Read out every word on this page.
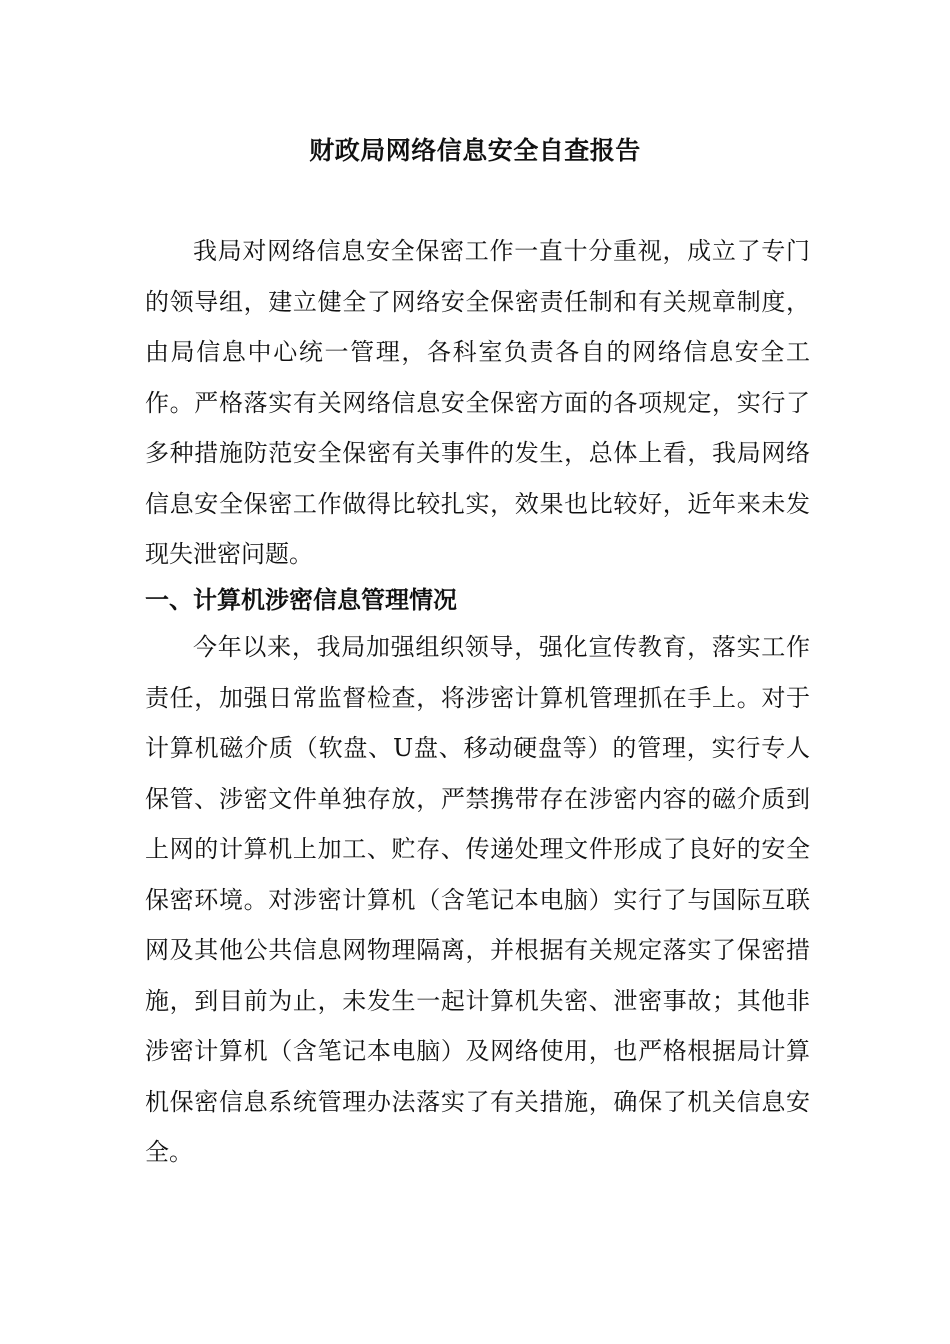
财政局网络信息安全自查报告

我局对网络信息安全保密工作一直十分重视，成立了专门的领导组，建立健全了网络安全保密责任制和有关规章制度，由局信息中心统一管理，各科室负责各自的网络信息安全工作。严格落实有关网络信息安全保密方面的各项规定，实行了多种措施防范安全保密有关事件的发生，总体上看，我局网络信息安全保密工作做得比较扎实，效果也比较好，近年来未发现失泄密问题。

一、计算机涉密信息管理情况

今年以来，我局加强组织领导，强化宣传教育，落实工作责任，加强日常监督检查，将涉密计算机管理抓在手上。对于计算机磁介质（软盘、U盘、移动硬盘等）的管理，实行专人保管、涉密文件单独存放，严禁携带存在涉密内容的磁介质到上网的计算机上加工、贮存、传递处理文件形成了良好的安全保密环境。对涉密计算机（含笔记本电脑）实行了与国际互联网及其他公共信息网物理隔离，并根据有关规定落实了保密措施，到目前为止，未发生一起计算机失密、泄密事故；其他非涉密计算机（含笔记本电脑）及网络使用，也严格根据局计算机保密信息系统管理办法落实了有关措施，确保了机关信息安全。
